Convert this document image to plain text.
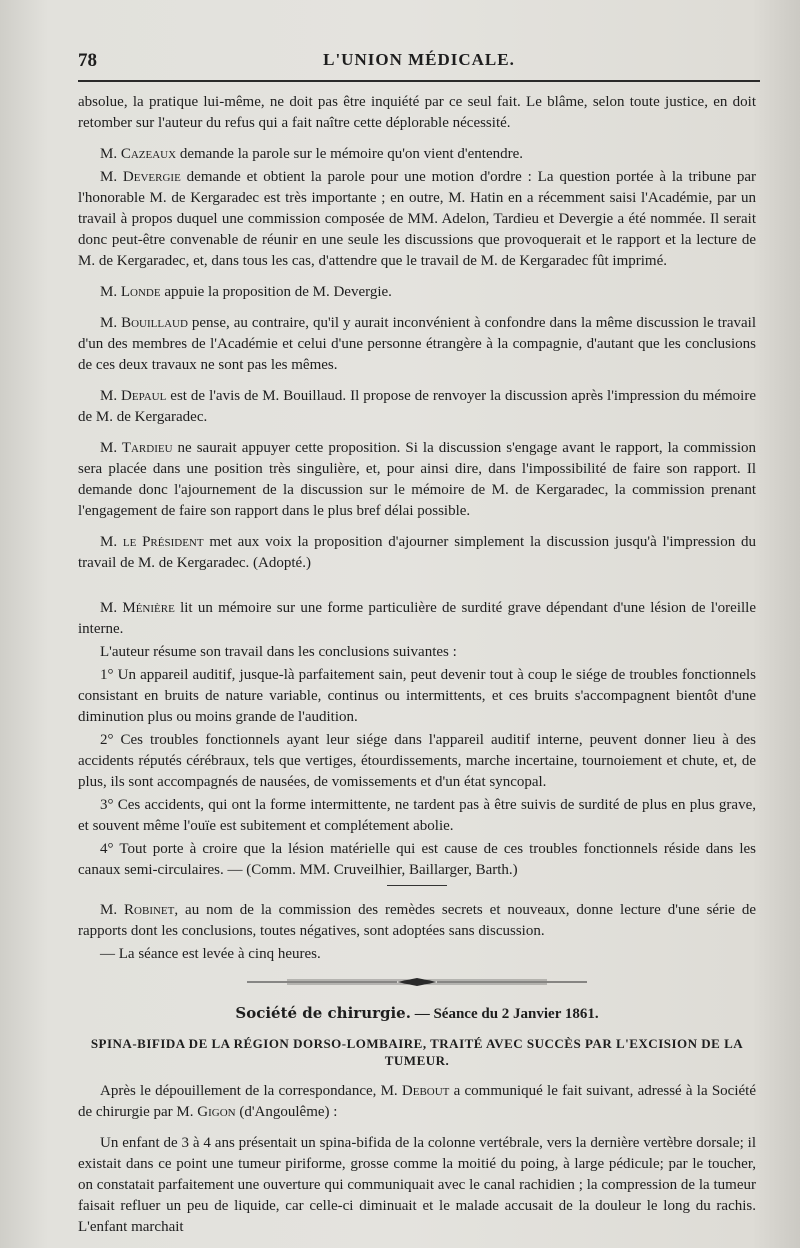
78	L'UNION MÉDICALE.

absolue, la pratique lui-même, ne doit pas être inquiété par ce seul fait. Le blâme, selon toute justice, en doit retomber sur l'auteur du refus qui a fait naître cette déplorable nécessité.

M. Cazeaux demande la parole sur le mémoire qu'on vient d'entendre.

M. Devergie demande et obtient la parole pour une motion d'ordre : La question portée à la tribune par l'honorable M. de Kergaradec est très importante ; en outre, M. Hatin en a récemment saisi l'Académie, par un travail à propos duquel une commission composée de MM. Adelon, Tardieu et Devergie a été nommée. Il serait donc peut-être convenable de réunir en une seule les discussions que provoquerait et le rapport et la lecture de M. de Kergaradec, et, dans tous les cas, d'attendre que le travail de M. de Kergaradec fût imprimé.

M. Londe appuie la proposition de M. Devergie.

M. Bouillaud pense, au contraire, qu'il y aurait inconvénient à confondre dans la même discussion le travail d'un des membres de l'Académie et celui d'une personne étrangère à la compagnie, d'autant que les conclusions de ces deux travaux ne sont pas les mêmes.

M. Depaul est de l'avis de M. Bouillaud. Il propose de renvoyer la discussion après l'impression du mémoire de M. de Kergaradec.

M. Tardieu ne saurait appuyer cette proposition. Si la discussion s'engage avant le rapport, la commission sera placée dans une position très singulière, et, pour ainsi dire, dans l'impossibilité de faire son rapport. Il demande donc l'ajournement de la discussion sur le mémoire de M. de Kergaradec, la commission prenant l'engagement de faire son rapport dans le plus bref délai possible.

M. le Président met aux voix la proposition d'ajourner simplement la discussion jusqu'à l'impression du travail de M. de Kergaradec. (Adopté.)

M. Ménière lit un mémoire sur une forme particulière de surdité grave dépendant d'une lésion de l'oreille interne.

L'auteur résume son travail dans les conclusions suivantes :

1° Un appareil auditif, jusque-là parfaitement sain, peut devenir tout à coup le siége de troubles fonctionnels consistant en bruits de nature variable, continus ou intermittents, et ces bruits s'accompagnent bientôt d'une diminution plus ou moins grande de l'audition.

2° Ces troubles fonctionnels ayant leur siége dans l'appareil auditif interne, peuvent donner lieu à des accidents réputés cérébraux, tels que vertiges, étourdissements, marche incertaine, tournoiement et chute, et, de plus, ils sont accompagnés de nausées, de vomissements et d'un état syncopal.

3° Ces accidents, qui ont la forme intermittente, ne tardent pas à être suivis de surdité de plus en plus grave, et souvent même l'ouïe est subitement et complétement abolie.

4° Tout porte à croire que la lésion matérielle qui est cause de ces troubles fonctionnels réside dans les canaux semi-circulaires. — (Comm. MM. Cruveilhier, Baillarger, Barth.)

M. Robinet, au nom de la commission des remèdes secrets et nouveaux, donne lecture d'une série de rapports dont les conclusions, toutes négatives, sont adoptées sans discussion.

— La séance est levée à cinq heures.

Société de chirurgie. — Séance du 2 Janvier 1861.
SPINA-BIFIDA DE LA RÉGION DORSO-LOMBAIRE, TRAITÉ AVEC SUCCÈS PAR L'EXCISION DE LA TUMEUR.

Après le dépouillement de la correspondance, M. Debout a communiqué le fait suivant, adressé à la Société de chirurgie par M. Gigon (d'Angoulême) :

Un enfant de 3 à 4 ans présentait un spina-bifida de la colonne vertébrale, vers la dernière vertèbre dorsale; il existait dans ce point une tumeur piriforme, grosse comme la moitié du poing, à large pédicule; par le toucher, on constatait parfaitement une ouverture qui communiquait avec le canal rachidien ; la compression de la tumeur faisait refluer un peu de liquide, car celle-ci diminuait et le malade accusait de la douleur le long du rachis. L'enfant marchait
